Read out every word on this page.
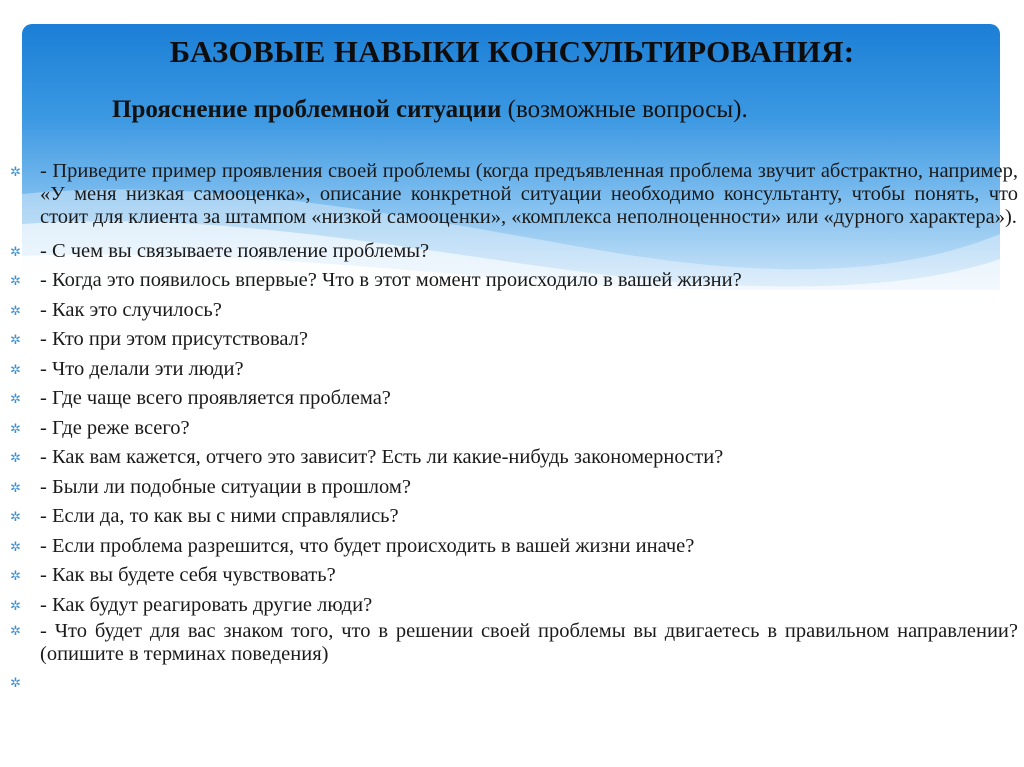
БАЗОВЫЕ НАВЫКИ КОНСУЛЬТИРОВАНИЯ:
Прояснение проблемной ситуации (возможные вопросы).
✲ - Приведите пример проявления своей проблемы (когда предъявленная проблема звучит абстрактно, например, «У меня низкая самооценка», описание конкретной ситуации необходимо консультанту, чтобы понять, что стоит для клиента за штампом «низкой самооценки», «комплекса неполноценности» или «дурного характера»).
✲ - С чем вы связываете появление проблемы?
✲ - Когда это появилось впервые? Что в этот момент происходило в вашей жизни?
✲ - Как это случилось?
✲ - Кто при этом присутствовал?
✲ - Что делали эти люди?
✲ - Где чаще всего проявляется проблема?
✲ - Где реже всего?
✲ - Как вам кажется, отчего это зависит? Есть ли какие-нибудь закономерности?
✲ - Были ли подобные ситуации в прошлом?
✲ - Если да, то как вы с ними справлялись?
✲ - Если проблема разрешится, что будет происходить в вашей жизни иначе?
✲ - Как вы будете себя чувствовать?
✲ - Как будут реагировать другие люди?
✲ - Что будет для вас знаком того, что в решении своей проблемы вы двигаетесь в правильном направлении? (опишите в терминах поведения)
✲
